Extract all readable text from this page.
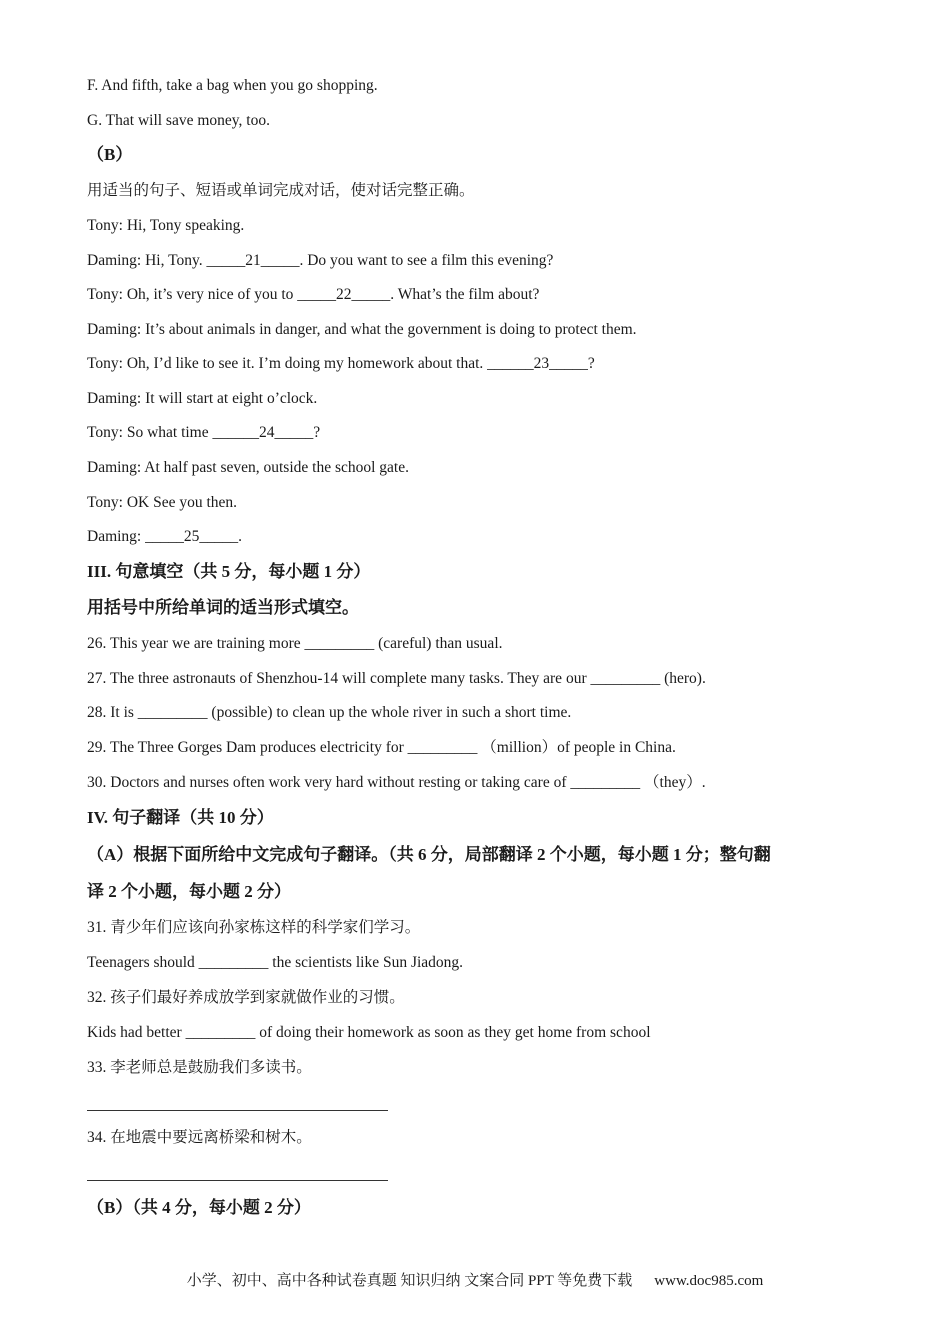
F. And fifth, take a bag when you go shopping.
G. That will save money, too.
（B）
用适当的句子、短语或单词完成对话，使对话完整正确。
Tony: Hi, Tony speaking.
Daming: Hi, Tony. _____21_____. Do you want to see a film this evening?
Tony: Oh, it’s very nice of you to _____22_____. What’s the film about?
Daming: It’s about animals in danger, and what the government is doing to protect them.
Tony: Oh, I’d like to see it. I’m doing my homework about that. ______23_____?
Daming: It will start at eight o’clock.
Tony: So what time ______24_____?
Daming: At half past seven, outside the school gate.
Tony: OK See you then.
Daming: _____25_____.
III. 句意填空（共 5 分，每小题 1 分）
用括号中所给单词的适当形式填空。
26. This year we are training more _________ (careful) than usual.
27. The three astronauts of Shenzhou-14 will complete many tasks. They are our _________ (hero).
28. It is _________ (possible) to clean up the whole river in such a short time.
29. The Three Gorges Dam produces electricity for _________ （million）of people in China.
30. Doctors and nurses often work very hard without resting or taking care of _________ （they）.
IV. 句子翻译（共 10 分）
（A）根据下面所给中文完成句子翻译。（共 6 分，局部翻译 2 个小题，每小题 1 分；整句翻
译 2 个小题，每小题 2 分）
31. 青少年们应该向孙家栋这样的科学家们学习。
Teenagers should _________ the scientists like Sun Jiadong.
32. 孩子们最好养成放学到家就做作业的习惯。
Kids had better _________ of doing their homework as soon as they get home from school
33. 李老师总是鼓励我们多读书。
34. 在地震中要远离桥梁和树木。
（B）（共 4 分，每小题 2 分）
小学、初中、高中各种试卷真题 知识归纳 文案合同 PPT 等免费下载 www.doc985.com
